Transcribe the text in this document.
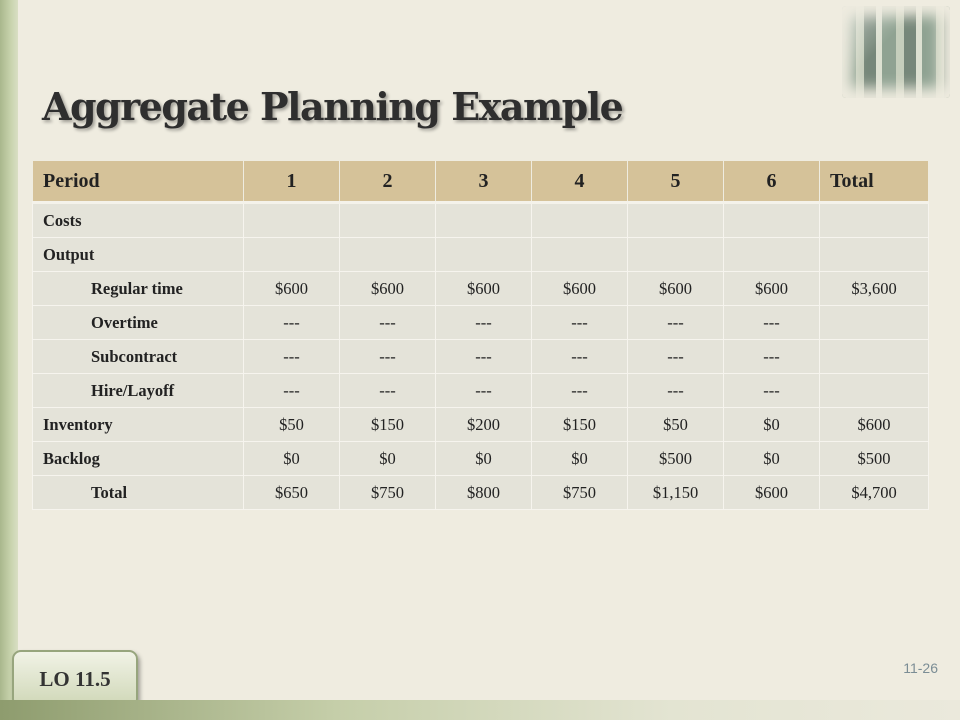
Aggregate Planning Example
Period	1	2	3	4	5	6	Total
Costs							
Output							
Regular time	$600	$600	$600	$600	$600	$600	$3,600
Overtime	---	---	---	---	---	---	
Subcontract	---	---	---	---	---	---	
Hire/Layoff	---	---	---	---	---	---	
Inventory	$50	$150	$200	$150	$50	$0	$600
Backlog	$0	$0	$0	$0	$500	$0	$500
Total	$650	$750	$800	$750	$1,150	$600	$4,700
LO 11.5	11-26
